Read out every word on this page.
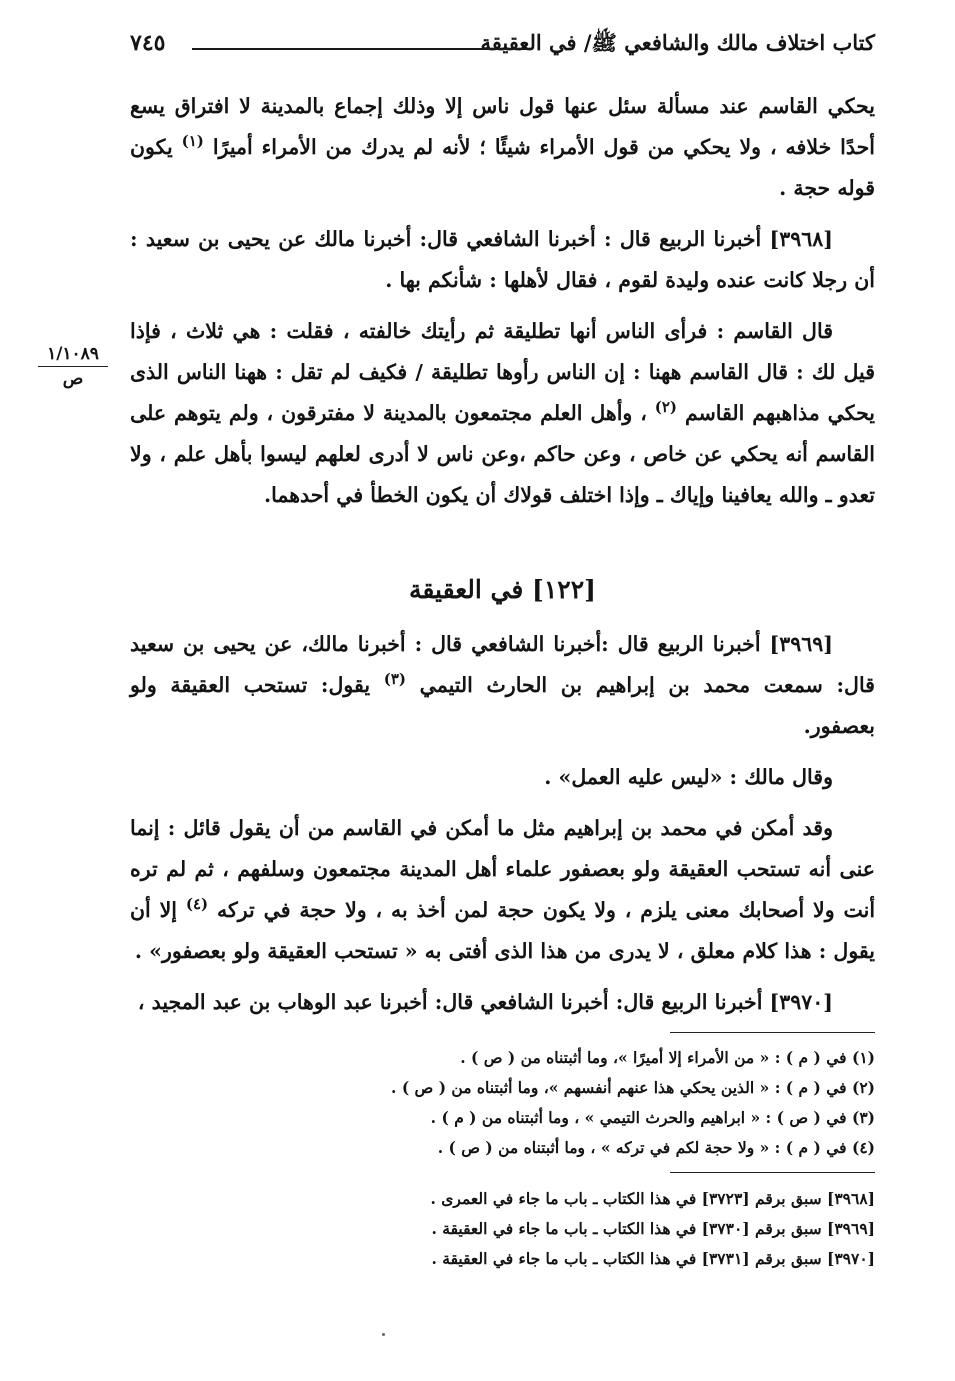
كتاب اختلاف مالك والشافعي ﷺ/ في العقيقة
٧٤٥
١/١٠٨٩
ص

يحكي القاسم عند مسألة سئل عنها قول ناس إلا وذلك إجماع بالمدينة لا افتراق يسع أحدًا خلافه ، ولا يحكي من قول الأمراء شيئًا ؛ لأنه لم يدرك من الأمراء أميرًا $^{(١)}$ يكون قوله حجة .

[٣٩٦٨] أخبرنا الربيع قال : أخبرنا الشافعي قال: أخبرنا مالك عن يحيى بن سعيد : أن رجلا كانت عنده وليدة لقوم ، فقال لأهلها : شأنكم بها .

قال القاسم : فرأى الناس أنها تطليقة ثم رأيتك خالفته ، فقلت : هي ثلاث ، فإذا قيل لك : قال القاسم ههنا : إن الناس رأوها تطليقة / فكيف لم تقل : ههنا الناس الذى يحكي مذاهبهم القاسم $^{(٢)}$ ، وأهل العلم مجتمعون بالمدينة لا مفترقون ، ولم يتوهم على القاسم أنه يحكي عن خاص ، وعن حاكم ،وعن ناس لا أدرى لعلهم ليسوا بأهل علم ، ولا تعدو ـ والله يعافينا وإياك ـ وإذا اختلف قولاك أن يكون الخطأ في أحدهما.

[١٢٢] في العقيقة

[٣٩٦٩] أخبرنا الربيع قال :أخبرنا الشافعي قال : أخبرنا مالك، عن يحيى بن سعيد قال: سمعت محمد بن إبراهيم بن الحارث التيمي $^{(٣)}$ يقول: تستحب العقيقة ولو بعصفور.

وقال مالك : «ليس عليه العمل» .

وقد أمكن في محمد بن إبراهيم مثل ما أمكن في القاسم من أن يقول قائل : إنما عنى أنه تستحب العقيقة ولو بعصفور علماء أهل المدينة مجتمعون وسلفهم ، ثم لم تره أنت ولا أصحابك معنى يلزم ، ولا يكون حجة لمن أخذ به ، ولا حجة في تركه $^{(٤)}$ إلا أن يقول : هذا كلام معلق ، لا يدرى من هذا الذى أفتى به « تستحب العقيقة ولو بعصفور» .

[٣٩٧٠] أخبرنا الربيع قال: أخبرنا الشافعي قال: أخبرنا عبد الوهاب بن عبد المجيد ،

(١) في ( م ) : « من الأمراء إلا أميرًا »، وما أثبتناه من ( ص ) .

(٢) في ( م ) : « الذين يحكي هذا عنهم أنفسهم »، وما أثبتناه من ( ص ) .

(٣) في ( ص ) : « ابراهيم والحرث التيمي » ، وما أثبتناه من ( م ) .

(٤) في ( م ) : « ولا حجة لكم في تركه » ، وما أثبتناه من ( ص ) .

[٣٩٦٨] سبق برقم [٣٧٢٣] في هذا الكتاب ـ باب ما جاء في العمرى .

[٣٩٦٩] سبق برقم [٣٧٣٠] في هذا الكتاب ـ باب ما جاء في العقيقة .

[٣٩٧٠] سبق برقم [٣٧٣١] في هذا الكتاب ـ باب ما جاء في العقيقة .
